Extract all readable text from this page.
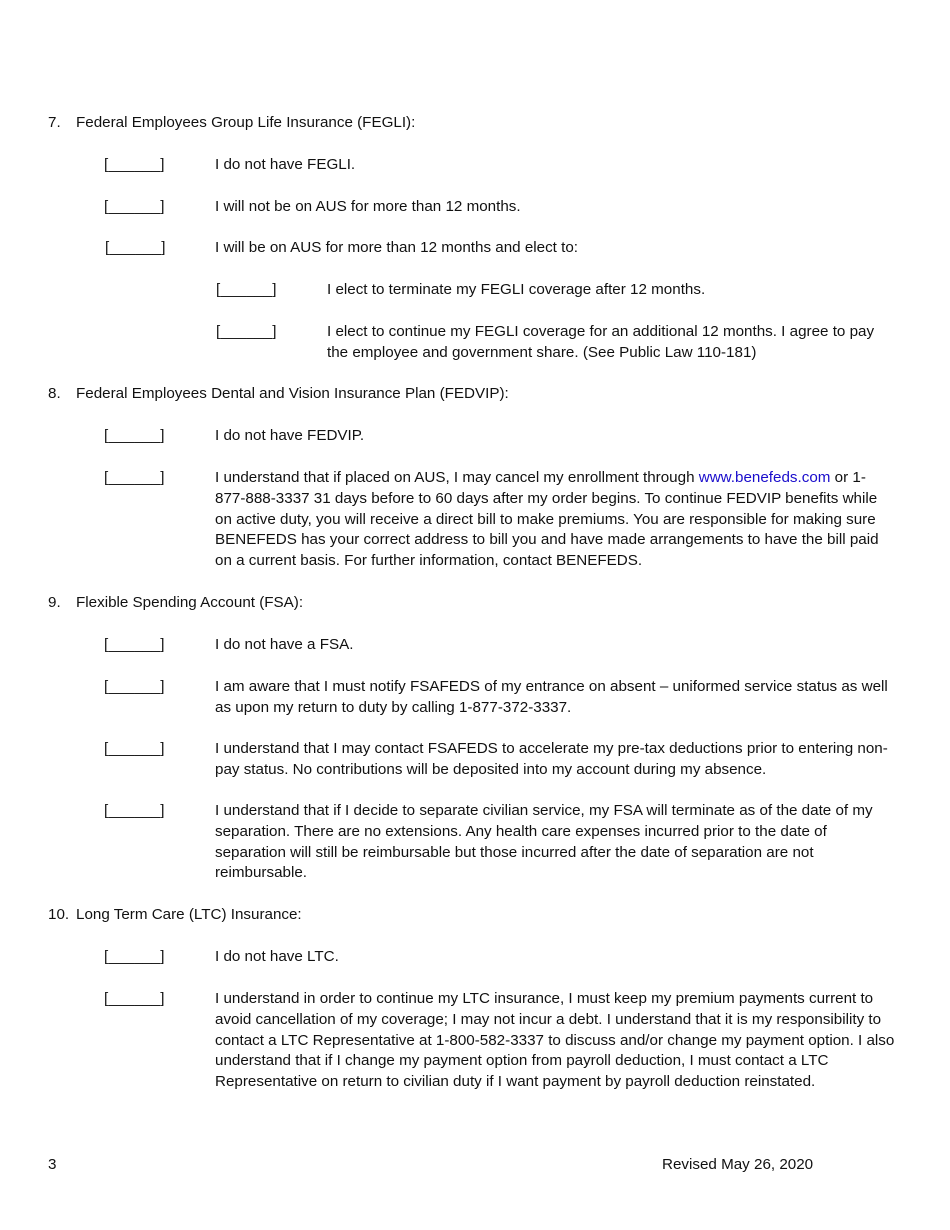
7. Federal Employees Group Life Insurance (FEGLI):
[______]	I do not have FEGLI.
[______]	I will not be on AUS for more than 12 months.
[______]	I will be on AUS for more than 12 months and elect to:
[______]	I elect to terminate my FEGLI coverage after 12 months.
[______]	I elect to continue my FEGLI coverage for an additional 12 months. I agree to pay the employee and government share. (See Public Law 110-181)
8. Federal Employees Dental and Vision Insurance Plan (FEDVIP):
[______]	I do not have FEDVIP.
[______]	I understand that if placed on AUS, I may cancel my enrollment through www.benefeds.com or 1-877-888-3337 31 days before to 60 days after my order begins. To continue FEDVIP benefits while on active duty, you will receive a direct bill to make premiums. You are responsible for making sure BENEFEDS has your correct address to bill you and have made arrangements to have the bill paid on a current basis. For further information, contact BENEFEDS.
9. Flexible Spending Account (FSA):
[______]	I do not have a FSA.
[______]	I am aware that I must notify FSAFEDS of my entrance on absent – uniformed service status as well as upon my return to duty by calling 1-877-372-3337.
[______]	I understand that I may contact FSAFEDS to accelerate my pre-tax deductions prior to entering non-pay status. No contributions will be deposited into my account during my absence.
[______]	I understand that if I decide to separate civilian service, my FSA will terminate as of the date of my separation. There are no extensions. Any health care expenses incurred prior to the date of separation will still be reimbursable but those incurred after the date of separation are not reimbursable.
10. Long Term Care (LTC) Insurance:
[______]	I do not have LTC.
[______]	I understand in order to continue my LTC insurance, I must keep my premium payments current to avoid cancellation of my coverage; I may not incur a debt. I understand that it is my responsibility to contact a LTC Representative at 1-800-582-3337 to discuss and/or change my payment option. I also understand that if I change my payment option from payroll deduction, I must contact a LTC Representative on return to civilian duty if I want payment by payroll deduction reinstated.
3	Revised May 26, 2020
